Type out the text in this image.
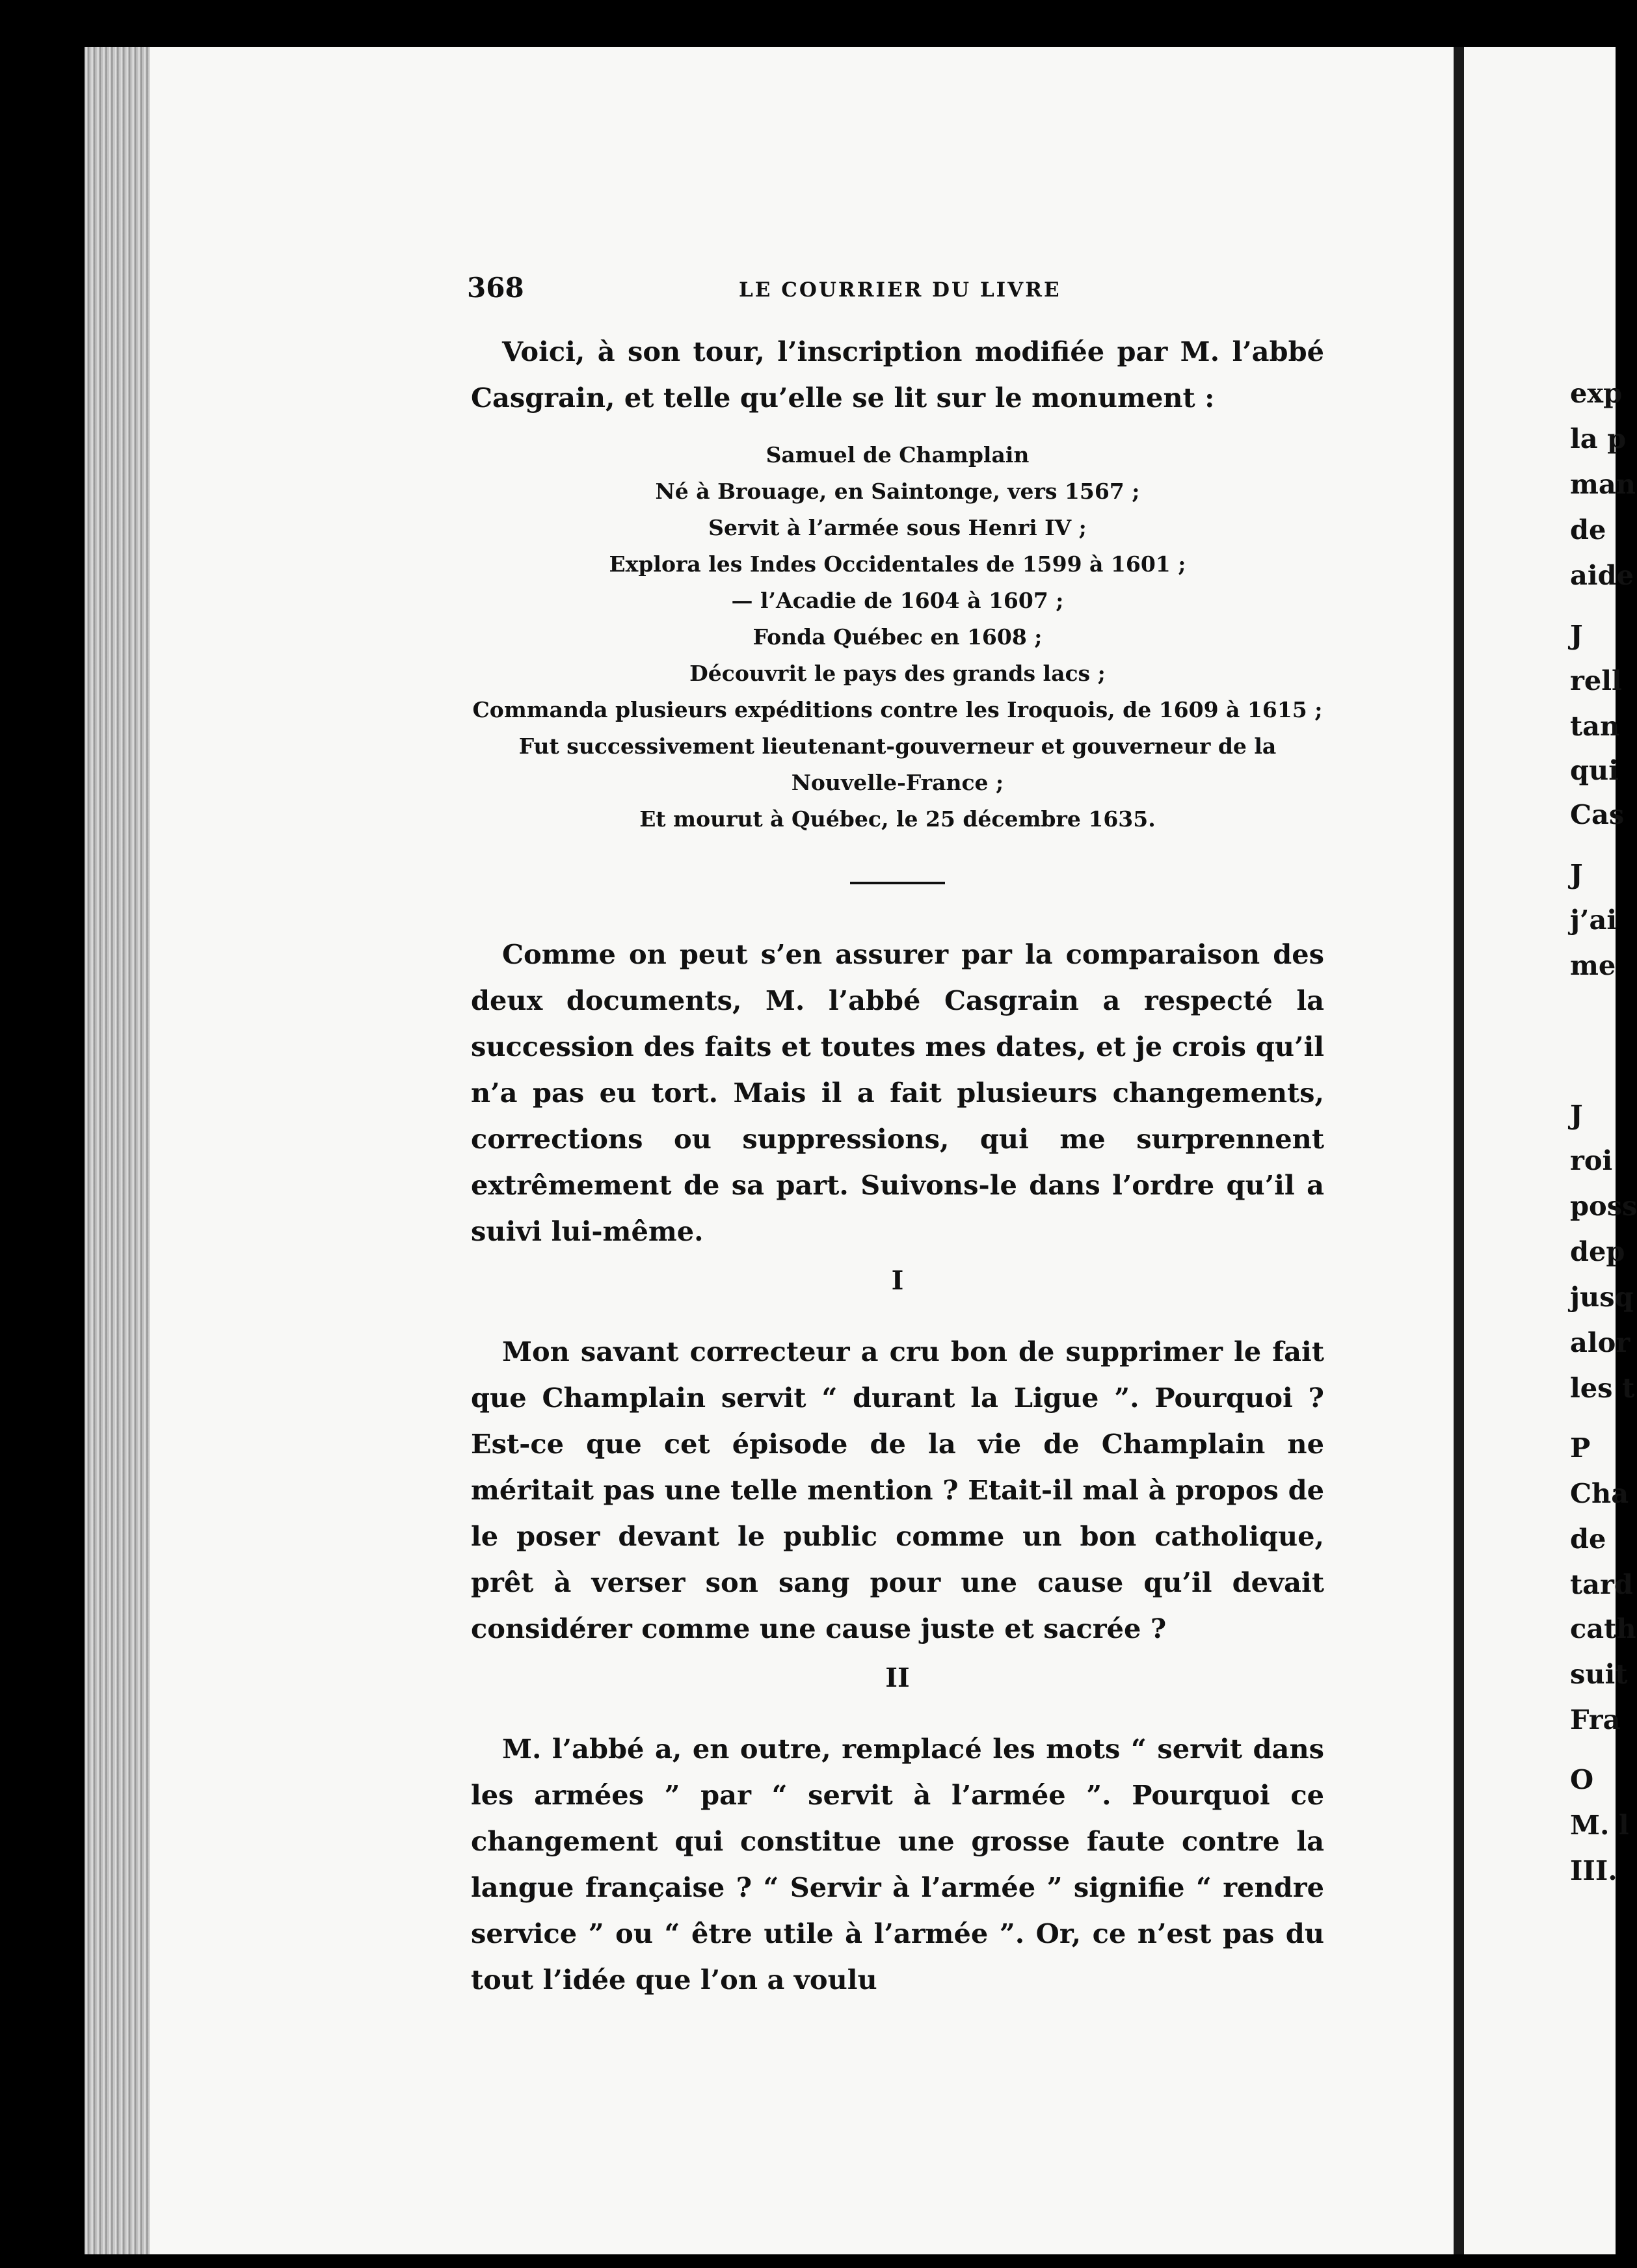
368	LE COURRIER DU LIVRE

Voici, à son tour, l’inscription modifiée par M. l’abbé Casgrain, et telle qu’elle se lit sur le monument :

Samuel de Champlain
Né à Brouage, en Saintonge, vers 1567 ;
Servit à l’armée sous Henri IV ;
Explora les Indes Occidentales de 1599 à 1601 ;
— l’Acadie de 1604 à 1607 ;
Fonda Québec en 1608 ;
Découvrit le pays des grands lacs ;
Commanda plusieurs expéditions contre les Iroquois, de 1609 à 1615 ;
Fut successivement lieutenant-gouverneur et gouverneur de la
Nouvelle-France ;
Et mourut à Québec, le 25 décembre 1635.

Comme on peut s’en assurer par la comparaison des deux documents, M. l’abbé Casgrain a respecté la succession des faits et toutes mes dates, et je crois qu’il n’a pas eu tort. Mais il a fait plusieurs changements, corrections ou suppressions, qui me surprennent extrêmement de sa part. Suivons-le dans l’ordre qu’il a suivi lui-même.

I

Mon savant correcteur a cru bon de supprimer le fait que Champlain servit “ durant la Ligue ”. Pourquoi ? Est-ce que cet épisode de la vie de Champlain ne méritait pas une telle mention ? Etait-il mal à propos de le poser devant le public comme un bon catholique, prêt à verser son sang pour une cause qu’il devait considérer comme une cause juste et sacrée ?

II

M. l’abbé a, en outre, remplacé les mots “ servit dans les armées ” par “ servit à l’armée ”. Pourquoi ce changement qui constitue une grosse faute contre la langue française ? “ Servir à l’armée ” signifie “ rendre service ” ou “ être utile à l’armée ”. Or, ce n’est pas du tout l’idée que l’on a voulu

exp
la p
man
de
aide
J
rell
tan
qui
Cas
J
j’ai
me
J
roi
poss
dep
jusq
alor
les t
P
Cha
de
tard
cath
suit
Fra
O
M. l
III.
